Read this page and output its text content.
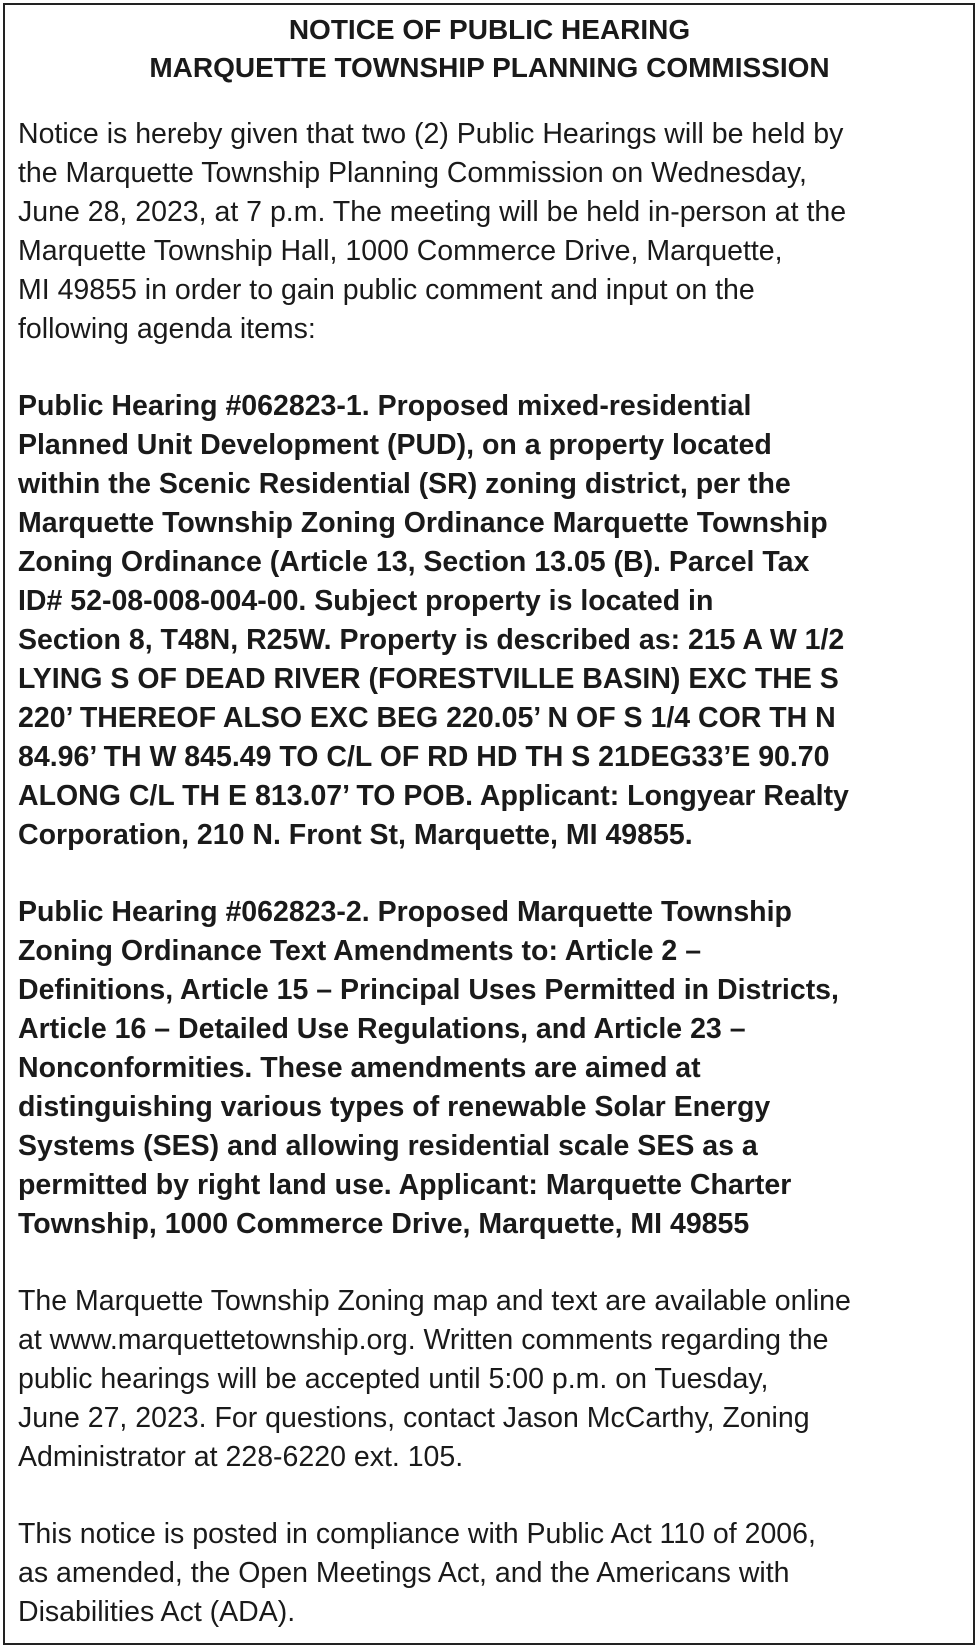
NOTICE OF PUBLIC HEARING
MARQUETTE TOWNSHIP PLANNING COMMISSION

Notice is hereby given that two (2) Public Hearings will be held by
the Marquette Township Planning Commission on Wednesday,
June 28, 2023, at 7 p.m. The meeting will be held in-person at the
Marquette Township Hall, 1000 Commerce Drive, Marquette,
MI 49855 in order to gain public comment and input on the
following agenda items:

Public Hearing #062823-1. Proposed mixed-residential
Planned Unit Development (PUD), on a property located
within the Scenic Residential (SR) zoning district, per the
Marquette Township Zoning Ordinance Marquette Township
Zoning Ordinance (Article 13, Section 13.05 (B). Parcel Tax
ID# 52-08-008-004-00. Subject property is located in
Section 8, T48N, R25W. Property is described as: 215 A W 1/2
LYING S OF DEAD RIVER (FORESTVILLE BASIN) EXC THE S
220’ THEREOF ALSO EXC BEG 220.05’ N OF S 1/4 COR TH N
84.96’ TH W 845.49 TO C/L OF RD HD TH S 21DEG33’E 90.70
ALONG C/L TH E 813.07’ TO POB. Applicant: Longyear Realty
Corporation, 210 N. Front St, Marquette, MI 49855.

Public Hearing #062823-2. Proposed Marquette Township
Zoning Ordinance Text Amendments to: Article 2 –
Definitions, Article 15 – Principal Uses Permitted in Districts,
Article 16 – Detailed Use Regulations, and Article 23 –
Nonconformities. These amendments are aimed at
distinguishing various types of renewable Solar Energy
Systems (SES) and allowing residential scale SES as a
permitted by right land use. Applicant: Marquette Charter
Township, 1000 Commerce Drive, Marquette, MI 49855

The Marquette Township Zoning map and text are available online
at www.marquettetownship.org. Written comments regarding the
public hearings will be accepted until 5:00 p.m. on Tuesday,
June 27, 2023. For questions, contact Jason McCarthy, Zoning
Administrator at 228-6220 ext. 105.

This notice is posted in compliance with Public Act 110 of 2006,
as amended, the Open Meetings Act, and the Americans with
Disabilities Act (ADA).
